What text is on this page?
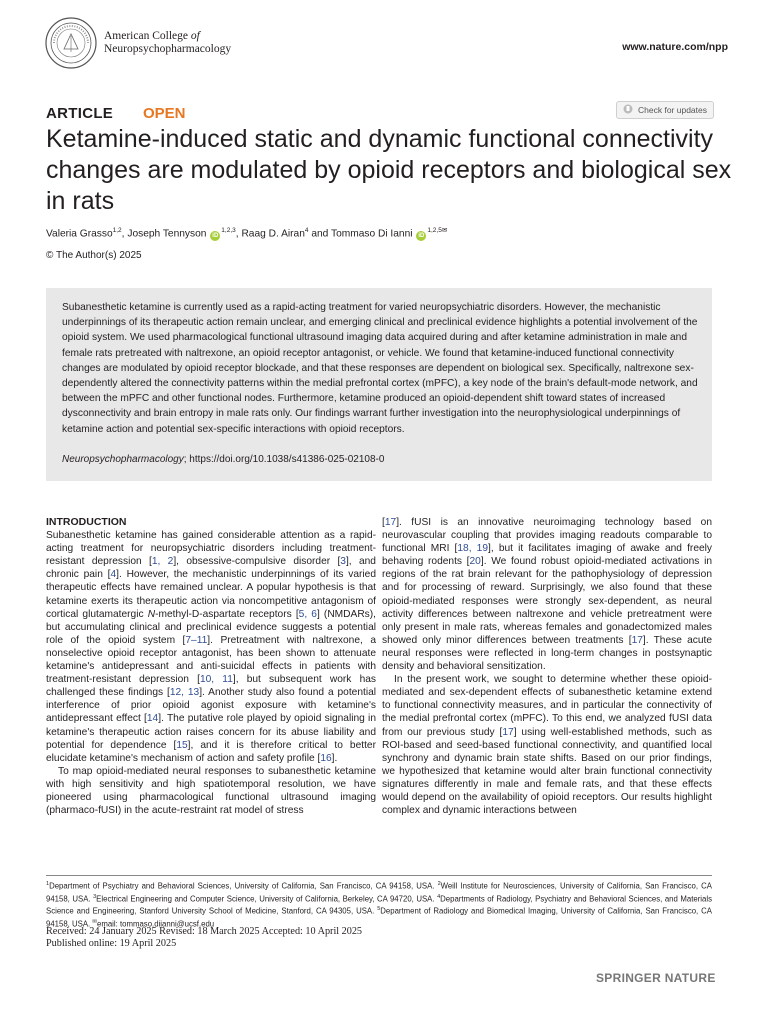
American College of
Neuropsychopharmacology	www.nature.com/npp
ARTICLE OPEN	Check for updates
Ketamine-induced static and dynamic functional connectivity changes are modulated by opioid receptors and biological sex in rats
Valeria Grasso$^{1,2}$, Joseph Tennyson iD$^{1,2,3}$, Raag D. Airan$^4$ and Tommaso Di Ianni $iD^{1,2,5✉}$
© The Author(s) 2025

Subanesthetic ketamine is currently used as a rapid-acting treatment for varied neuropsychiatric disorders. However, the mechanistic underpinnings of its therapeutic action remain unclear, and emerging clinical and preclinical evidence highlights a potential involvement of the opioid system. We used pharmacological functional ultrasound imaging data acquired during and after ketamine administration in male and female rats pretreated with naltrexone, an opioid receptor antagonist, or vehicle. We found that ketamine-induced functional connectivity changes are modulated by opioid receptor blockade, and that these responses are dependent on biological sex. Specifically, naltrexone sex-dependently altered the connectivity patterns within the medial prefrontal cortex (mPFC), a key node of the brain's default-mode network, and between the mPFC and other functional nodes. Furthermore, ketamine produced an opioid-dependent shift toward states of increased dysconnectivity and brain entropy in male rats only. Our findings warrant further investigation into the neurophysiological underpinnings of ketamine action and potential sex-specific interactions with opioid receptors.

Neuropsychopharmacology; https://doi.org/10.1038/s41386-025-02108-0

INTRODUCTION

Subanesthetic ketamine has gained considerable attention as a rapid-acting treatment for neuropsychiatric disorders including treatment-resistant depression [1, 2], obsessive-compulsive disorder [3], and chronic pain [4]. However, the mechanistic underpinnings of its varied therapeutic effects have remained unclear. A popular hypothesis is that ketamine exerts its therapeutic action via noncompetitive antagonism of cortical glutamatergic N-methyl-D-aspartate receptors [5, 6] (NMDARs), but accumulating clinical and preclinical evidence suggests a potential role of the opioid system [7–11]. Pretreatment with naltrexone, a nonselective opioid receptor antagonist, has been shown to attenuate ketamine's antidepressant and anti-suicidal effects in patients with treatment-resistant depression [10, 11], but subsequent work has challenged these findings [12, 13]. Another study also found a potential interference of prior opioid agonist exposure with ketamine's antidepressant effect [14]. The putative role played by opioid signaling in ketamine's therapeutic action raises concern for its abuse liability and potential for dependence [15], and it is therefore critical to better elucidate ketamine's mechanism of action and safety profile [16].

To map opioid-mediated neural responses to subanesthetic ketamine with high sensitivity and high spatiotemporal resolution, we have pioneered using pharmacological functional ultrasound imaging (pharmaco-fUSI) in the acute-restraint rat model of stress

[17]. fUSI is an innovative neuroimaging technology based on neurovascular coupling that provides imaging readouts comparable to functional MRI [18, 19], but it facilitates imaging of awake and freely behaving rodents [20]. We found robust opioid-mediated activations in regions of the rat brain relevant for the pathophysiology of depression and for processing of reward. Surprisingly, we also found that these opioid-mediated responses were strongly sex-dependent, as neural activity differences between naltrexone and vehicle pretreatment were only present in male rats, whereas females and gonadectomized males showed only minor differences between treatments [17]. These acute neural responses were reflected in long-term changes in postsynaptic density and behavioral sensitization.

In the present work, we sought to determine whether these opioid-mediated and sex-dependent effects of subanesthetic ketamine extend to functional connectivity measures, and in particular the connectivity of the medial prefrontal cortex (mPFC). To this end, we analyzed fUSI data from our previous study [17] using well-established methods, such as ROI-based and seed-based functional connectivity, and quantified local synchrony and dynamic brain state shifts. Based on our prior findings, we hypothesized that ketamine would alter brain functional connectivity signatures differently in male and female rats, and that these effects would depend on the availability of opioid receptors. Our results highlight complex and dynamic interactions between

$^1$Department of Psychiatry and Behavioral Sciences, University of California, San Francisco, CA 94158, USA. $^2$Weill Institute for Neurosciences, University of California, San Francisco, CA 94158, USA. $^3$Electrical Engineering and Computer Science, University of California, Berkeley, CA 94720, USA. $^4$Departments of Radiology, Psychiatry and Behavioral Sciences, and Materials Science and Engineering, Stanford University School of Medicine, Stanford, CA 94305, USA. $^5$Department of Radiology and Biomedical Imaging, University of California, San Francisco, CA 94158, USA. ✉email: tommaso.diianni@ucsf.edu

Received: 24 January 2025 Revised: 18 March 2025 Accepted: 10 April 2025
Published online: 19 April 2025
SPRINGER NATURE
